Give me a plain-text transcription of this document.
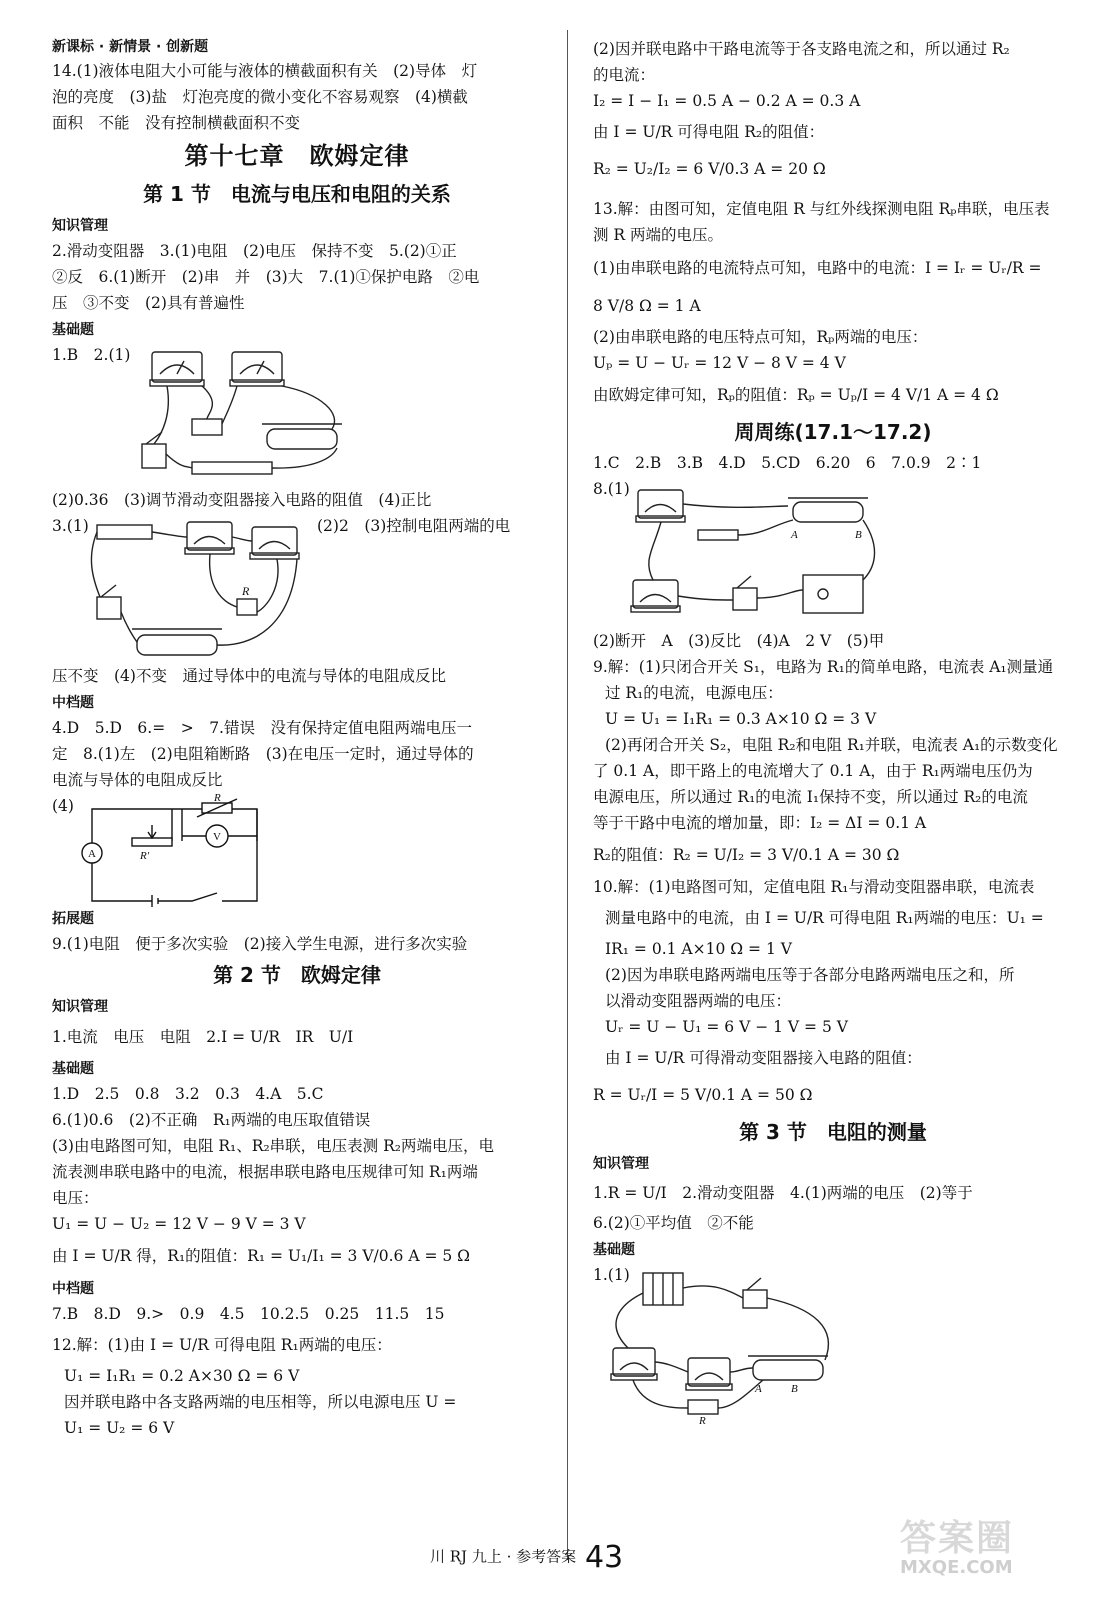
新课标 · 新情景 · 创新题
14.(1)液体电阻大小可能与液体的横截面积有关　(2)导体　灯
泡的亮度　(3)盐　灯泡亮度的微小变化不容易观察　(4)横截
面积　不能　没有控制横截面积不变
第十七章　欧姆定律
第 1 节　电流与电压和电阻的关系
知识管理
2.滑动变阻器　3.(1)电阻　(2)电压　保持不变　5.(2)①正
②反　6.(1)断开　(2)串　并　(3)大　7.(1)①保护电路　②电
压　③不变　(2)具有普遍性
基础题
1.B　2.(1)
(2)0.36　(3)调节滑动变阻器接入电路的阻值　(4)正比
3.(1)	(2)2　(3)控制电阻两端的电
R
压不变　(4)不变　通过导体中的电流与导体的电阻成反比
中档题
4.D　5.D　6.=　>　7.错误　没有保持定值电阻两端电压一
定　8.(1)左　(2)电阻箱断路　(3)在电压一定时，通过导体的
电流与导体的电阻成反比
(4)
A
V
R
R′
拓展题
9.(1)电阻　便于多次实验　(2)接入学生电源，进行多次实验
第 2 节　欧姆定律
知识管理
1.电流　电压　电阻　2.I = U/R　IR　U/I
基础题
1.D　2.5　0.8　3.2　0.3　4.A　5.C
6.(1)0.6　(2)不正确　R₁两端的电压取值错误
(3)由电路图可知，电阻 R₁、R₂串联，电压表测 R₂两端电压，电
流表测串联电路中的电流，根据串联电路电压规律可知 R₁两端
电压：
U₁ = U − U₂ = 12 V − 9 V = 3 V
由 I = U/R 得，R₁的阻值：R₁ = U₁/I₁ = 3 V/0.6 A = 5 Ω
中档题
7.B　8.D　9.>　0.9　4.5　10.2.5　0.25　11.5　15
12.解：(1)由 I = U/R 可得电阻 R₁两端的电压：
U₁ = I₁R₁ = 0.2 A×30 Ω = 6 V
因并联电路中各支路两端的电压相等，所以电源电压 U =
U₁ = U₂ = 6 V
(2)因并联电路中干路电流等于各支路电流之和，所以通过 R₂
的电流：
I₂ = I − I₁ = 0.5 A − 0.2 A = 0.3 A
由 I = U/R 可得电阻 R₂的阻值：
R₂ = U₂/I₂ = 6 V/0.3 A = 20 Ω
13.解：由图可知，定值电阻 R 与红外线探测电阻 Rₚ串联，电压表
测 R 两端的电压。
(1)由串联电路的电流特点可知，电路中的电流：I = Iᵣ = Uᵣ/R =
8 V/8 Ω = 1 A
(2)由串联电路的电压特点可知，Rₚ两端的电压：
Uₚ = U − Uᵣ = 12 V − 8 V = 4 V
由欧姆定律可知，Rₚ的阻值：Rₚ = Uₚ/I = 4 V/1 A = 4 Ω
周周练(17.1～17.2)
1.C　2.B　3.B　4.D　5.CD　6.20　6　7.0.9　2∶1
8.(1)
A	B
(2)断开　A　(3)反比　(4)A　2 V　(5)甲
9.解：(1)只闭合开关 S₁，电路为 R₁的简单电路，电流表 A₁测量通
过 R₁的电流，电源电压：
U = U₁ = I₁R₁ = 0.3 A×10 Ω = 3 V
(2)再闭合开关 S₂，电阻 R₂和电阻 R₁并联，电流表 A₁的示数变化
了 0.1 A，即干路上的电流增大了 0.1 A，由于 R₁两端电压仍为
电源电压，所以通过 R₁的电流 I₁保持不变，所以通过 R₂的电流
等于干路中电流的增加量，即：I₂ = ΔI = 0.1 A
R₂的阻值：R₂ = U/I₂ = 3 V/0.1 A = 30 Ω
10.解：(1)电路图可知，定值电阻 R₁与滑动变阻器串联，电流表
测量电路中的电流，由 I = U/R 可得电阻 R₁两端的电压：U₁ =
IR₁ = 0.1 A×10 Ω = 1 V
(2)因为串联电路两端电压等于各部分电路两端电压之和，所
以滑动变阻器两端的电压：
Uᵣ = U − U₁ = 6 V − 1 V = 5 V
由 I = U/R 可得滑动变阻器接入电路的阻值：
R = Uᵣ/I = 5 V/0.1 A = 50 Ω
第 3 节　电阻的测量
知识管理
1.R = U/I　2.滑动变阻器　4.(1)两端的电压　(2)等于
6.(2)①平均值　②不能
基础题
1.(1)
A	B
R
川 RJ 九上 · 参考答案 43	答案圈
MXQE.COM
